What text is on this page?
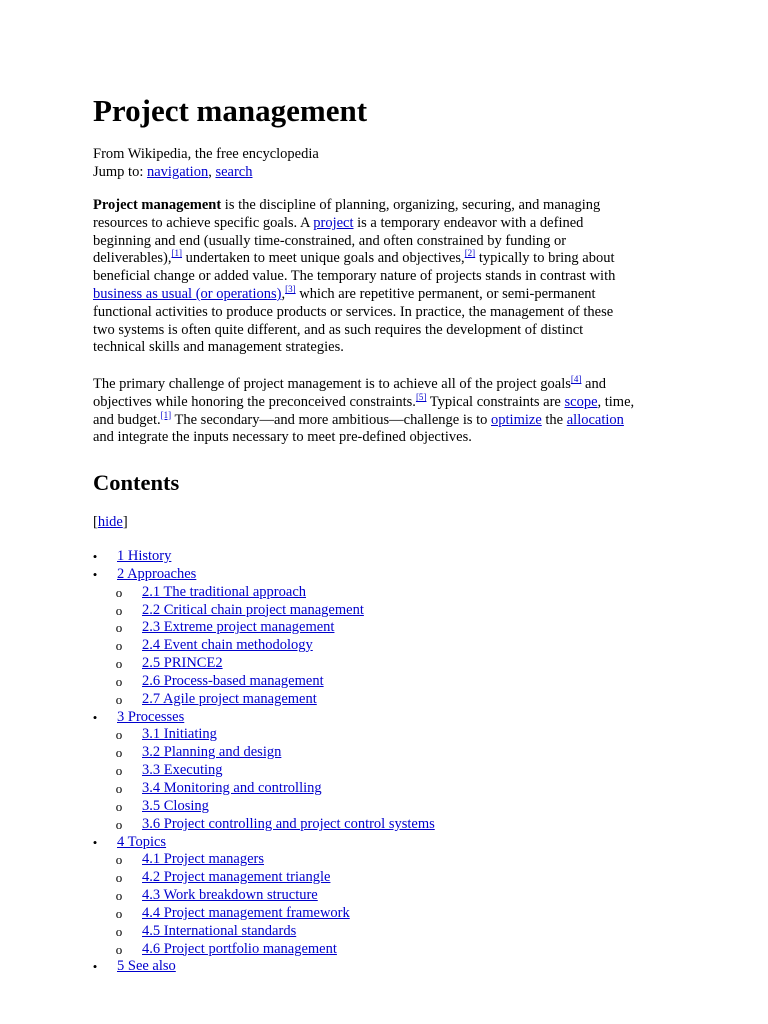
Project management
From Wikipedia, the free encyclopedia
Jump to: navigation, search
Project management is the discipline of planning, organizing, securing, and managing
resources to achieve specific goals. A project is a temporary endeavor with a defined
beginning and end (usually time-constrained, and often constrained by funding or
deliverables),[1] undertaken to meet unique goals and objectives,[2] typically to bring about
beneficial change or added value. The temporary nature of projects stands in contrast with
business as usual (or operations),[3] which are repetitive permanent, or semi-permanent
functional activities to produce products or services. In practice, the management of these
two systems is often quite different, and as such requires the development of distinct
technical skills and management strategies.
The primary challenge of project management is to achieve all of the project goals[4] and
objectives while honoring the preconceived constraints.[5] Typical constraints are scope, time,
and budget.[1] The secondary—and more ambitious—challenge is to optimize the allocation
and integrate the inputs necessary to meet pre-defined objectives.
Contents
[hide]
•	1 History
•	2 Approaches
o 2.1 The traditional approach
o 2.2 Critical chain project management
o 2.3 Extreme project management
o 2.4 Event chain methodology
o 2.5 PRINCE2
o 2.6 Process-based management
o 2.7 Agile project management
•	3 Processes
o 3.1 Initiating
o 3.2 Planning and design
o 3.3 Executing
o 3.4 Monitoring and controlling
o 3.5 Closing
o 3.6 Project controlling and project control systems
•	4 Topics
o 4.1 Project managers
o 4.2 Project management triangle
o 4.3 Work breakdown structure
o 4.4 Project management framework
o 4.5 International standards
o 4.6 Project portfolio management
•	5 See also
